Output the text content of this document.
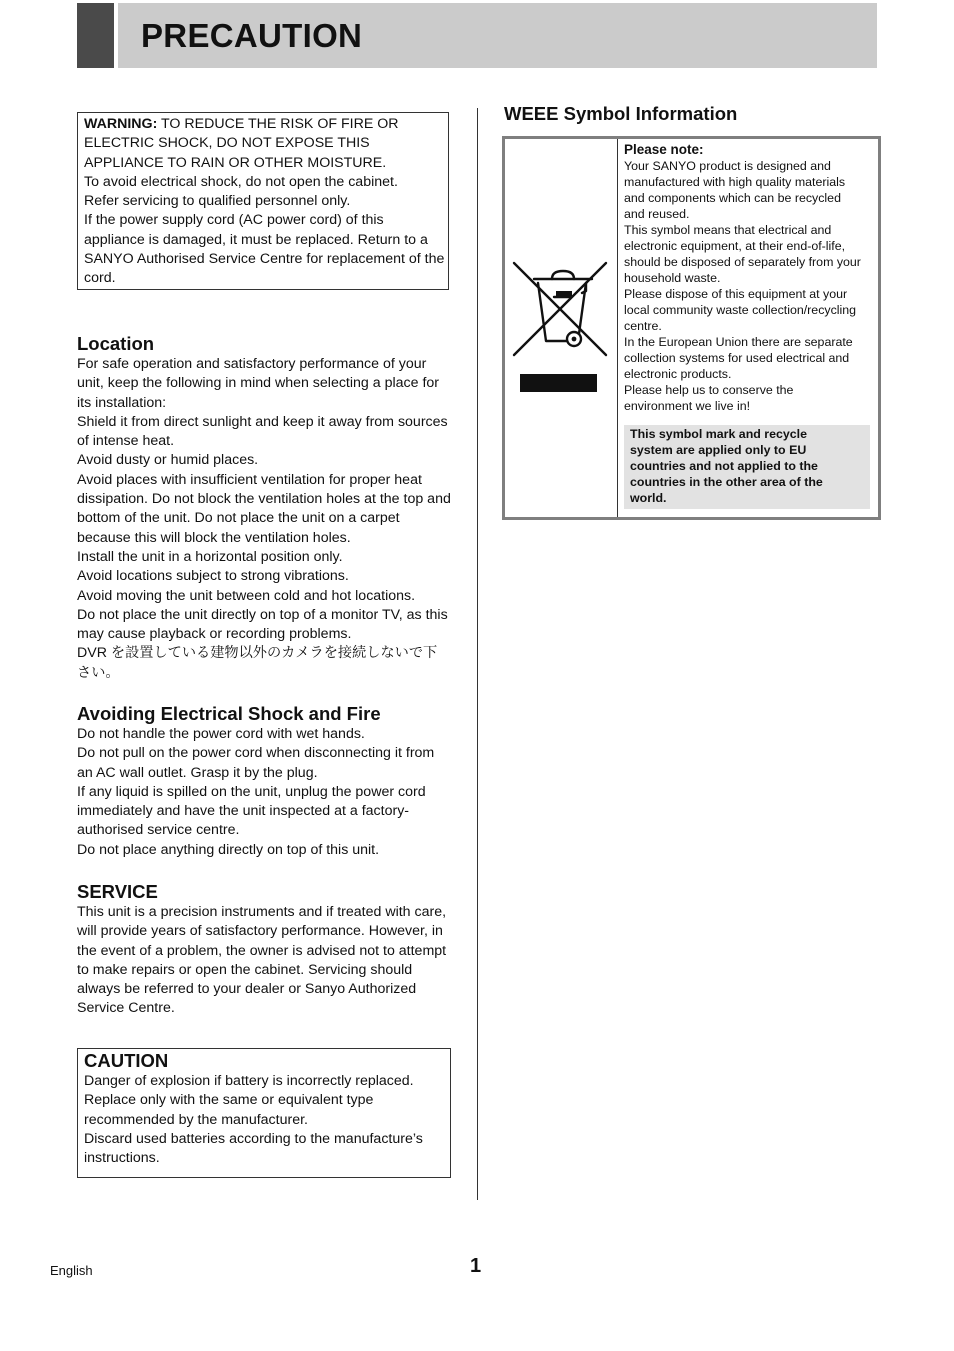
PRECAUTION
WARNING: TO REDUCE THE RISK OF FIRE OR
ELECTRIC SHOCK, DO NOT EXPOSE THIS
APPLIANCE TO RAIN OR OTHER MOISTURE.
To avoid electrical shock, do not open the cabinet.
Refer servicing to qualified personnel only.
If the power supply cord (AC power cord) of this
appliance is damaged, it must be replaced. Return to a
SANYO Authorised Service Centre for replacement of the
cord.
Location
For safe operation and satisfactory performance of your
unit, keep the following in mind when selecting a place for
its installation:
Shield it from direct sunlight and keep it away from sources
of intense heat.
Avoid dusty or humid places.
Avoid places with insufficient ventilation for proper heat
dissipation. Do not block the ventilation holes at the top and
bottom of the unit. Do not place the unit on a carpet
because this will block the ventilation holes.
Install the unit in a horizontal position only.
Avoid locations subject to strong vibrations.
Avoid moving the unit between cold and hot locations.
Do not place the unit directly on top of a monitor TV, as this
may cause playback or recording problems.
DVR を設置している建物以外のカメラを接続しないで下
さい。
Avoiding Electrical Shock and Fire
Do not handle the power cord with wet hands.
Do not pull on the power cord when disconnecting it from
an AC wall outlet. Grasp it by the plug.
If any liquid is spilled on the unit, unplug the power cord
immediately and have the unit inspected at a factory-
authorised service centre.
Do not place anything directly on top of this unit.
SERVICE
This unit is a precision instruments and if treated with care,
will provide years of satisfactory performance. However, in
the event of a problem, the owner is advised not to attempt
to make repairs or open the cabinet. Servicing should
always be referred to your dealer or Sanyo Authorized
Service Centre.
CAUTION
Danger of explosion if battery is incorrectly replaced.
Replace only with the same or equivalent type
recommended by the manufacturer.
Discard used batteries according to the manufacture’s
instructions.
WEEE Symbol Information
Please note:
Your SANYO product is designed and
manufactured with high quality materials
and components which can be recycled
and reused.
This symbol means that electrical and
electronic equipment, at their end-of-life,
should be disposed of separately from your
household waste.
Please dispose of this equipment at your
local community waste collection/recycling
centre.
In the European Union there are separate
collection systems for used electrical and
electronic products.
Please help us to conserve the
environment we live in!
This symbol mark and recycle
system are applied only to EU
countries and not applied to the
countries in the other area of the
world.
English	1
